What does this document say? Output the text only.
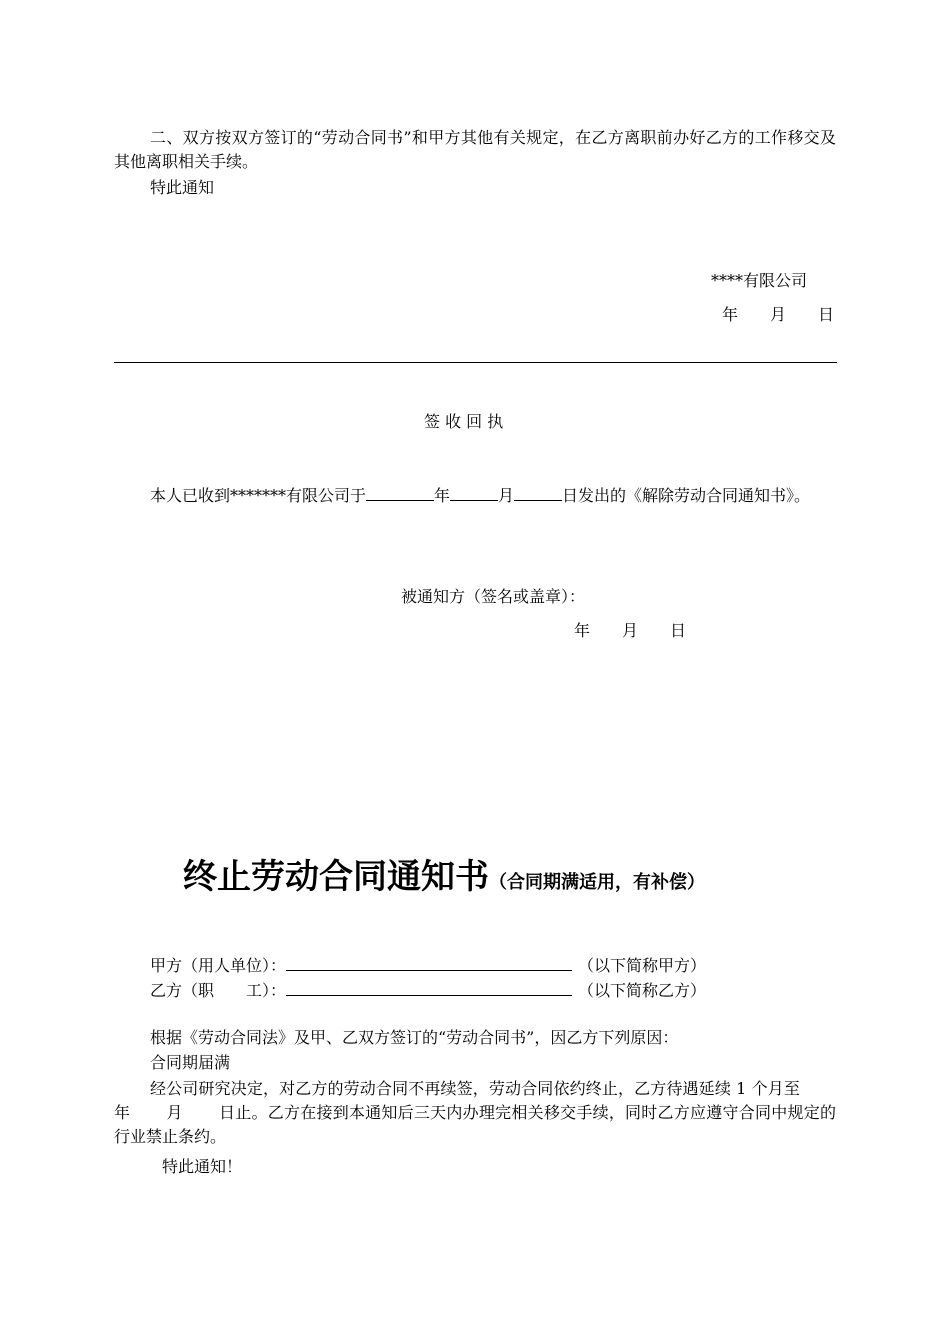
二、双方按双方签订的“劳动合同书”和甲方其他有关规定，在乙方离职前办好乙方的工作移交及其他离职相关手续。
特此通知
****有限公司
年 月 日
签 收 回 执
本人已收到*******有限公司于	年	月	日发出的《解除劳动合同通知书》。
被通知方（签名或盖章）：
年 月 日
终止劳动合同通知书（合同期满适用，有补偿）
甲方（用人单位）：	（以下简称甲方）
乙方（职　　工）：	（以下简称乙方）
根据《劳动合同法》及甲、乙双方签订的“劳动合同书”，因乙方下列原因：
合同期届满
经公司研究决定，对乙方的劳动合同不再续签，劳动合同依约终止，乙方待遇延续 1 个月至年 月 日止。乙方在接到本通知后三天内办理完相关移交手续，同时乙方应遵守合同中规定的行业禁止条约。
特此通知！
